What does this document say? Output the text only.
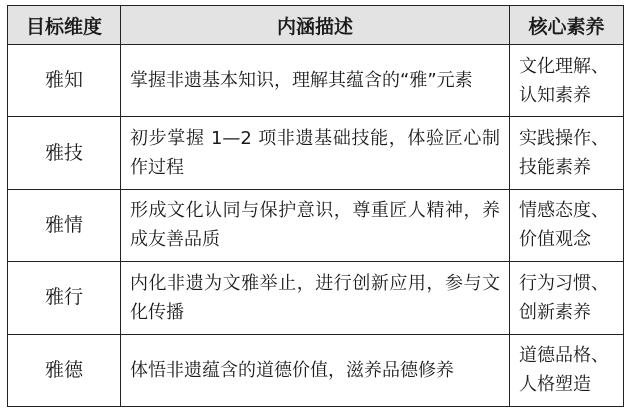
目标维度	内涵描述	核心素养
雅知	掌握非遗基本知识，理解其蕴含的“雅”元素	文化理解、认知素养
雅技	初步掌握 1—2 项非遗基础技能，体验匠心制作过程	实践操作、技能素养
雅情	形成文化认同与保护意识，尊重匠人精神，养成友善品质	情感态度、价值观念
雅行	内化非遗为文雅举止，进行创新应用，参与文化传播	行为习惯、创新素养
雅德	体悟非遗蕴含的道德价值，滋养品德修养	道德品格、人格塑造
